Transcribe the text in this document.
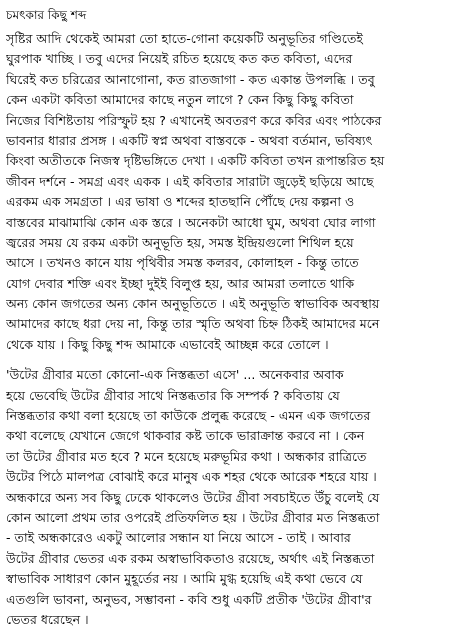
চমৎকার কিছু শব্দ
সৃষ্টির আদি থেকেই আমরা তো হাতে-গোনা কয়েকটি অনুভূতির গণ্ডিতেই
ঘুরপাক খাচ্ছি । তবু এদের নিয়েই রচিত হয়েছে কত কত কবিতা, এদের
ঘিরেই কত চরিত্রের আনাগোনা, কত রাতজাগা - কত একান্ত উপলব্ধি । তবু
কেন একটা কবিতা আমাদের কাছে নতুন লাগে ? কেন কিছু কিছু কবিতা
নিজের বিশিষ্টতায় পরিস্ফুট হয় ? এখানেই অবতরণ করে কবির এবং পাঠকের
ভাবনার ধারার প্রসঙ্গ । একটি স্বপ্ন অথবা বাস্তবকে - অথবা বর্তমান, ভবিষ্যৎ
কিংবা অতীতকে নিজস্ব দৃষ্টিভঙ্গিতে দেখা । একটি কবিতা তখন রূপান্তরিত হয়
জীবন দর্শনে - সমগ্র এবং একক । এই কবিতার সারাটা জুড়েই ছড়িয়ে আছে
এরকম এক সমগ্রতা । এর ভাষা ও শব্দের হাতছানি পৌঁছে দেয় কল্পনা ও
বাস্তবের মাঝামাঝি কোন এক স্তরে । অনেকটা আধো ঘুম, অথবা ঘোর লাগা
জ্বরের সময় যে রকম একটা অনুভূতি হয়, সমস্ত ইন্দ্রিয়গুলো শিথিল হয়ে
আসে । তখনও কানে যায় পৃথিবীর সমস্ত কলরব, কোলাহল - কিন্তু তাতে
যোগ দেবার শক্তি এবং ইচ্ছা দুইই বিলুপ্ত হয়, আর আমরা তলাতে থাকি
অন্য কোন জগতের অন্য কোন অনুভূতিতে । এই অনুভূতি স্বাভাবিক অবস্থায়
আমাদের কাছে ধরা দেয় না, কিন্তু তার স্মৃতি অথবা চিহ্ন ঠিকই আমাদের মনে
থেকে যায় । কিছু কিছু শব্দ আমাকে এভাবেই আচ্ছন্ন করে তোলে ।
'উটের গ্রীবার মতো কোনো-এক নিস্তব্ধতা এসে' ... অনেকবার অবাক
হয়ে ভেবেছি উটের গ্রীবার সাথে নিস্তব্ধতার কি সম্পর্ক ? কবিতায় যে
নিস্তব্ধতার কথা বলা হয়েছে তা কাউকে প্রলুব্ধ করেছে - এমন এক জগতের
কথা বলেছে যেখানে জেগে থাকবার কষ্ট তাকে ভারাক্রান্ত করবে না । কেন
তা উটের গ্রীবার মত হবে ? মনে হয়েছে মরুভূমির কথা । অন্ধকার রাত্রিতে
উটের পিঠে মালপত্র বোঝাই করে মানুষ এক শহর থেকে আরেক শহরে যায় ।
অন্ধকারে অন্য সব কিছু ঢেকে থাকলেও উটের গ্রীবা সবচাইতে উঁচু বলেই যে
কোন আলো প্রথম তার ওপরেই প্রতিফলিত হয় । উটের গ্রীবার মত নিস্তব্ধতা
- তাই অন্ধকারেও একটু আলোর সন্ধান যা নিয়ে আসে - তাই । আবার
উটের গ্রীবার ভেতর এক রকম অস্বাভাবিকতাও রয়েছে, অর্থাৎ এই নিস্তব্ধতা
স্বাভাবিক সাধারণ কোন মুহূর্তের নয় । আমি মুগ্ধ হয়েছি এই কথা ভেবে যে
এতগুলি ভাবনা, অনুভব, সম্ভাবনা - কবি শুধু একটি প্রতীক 'উটের গ্রীবা'র
ভেতর ধরেছেন ।
